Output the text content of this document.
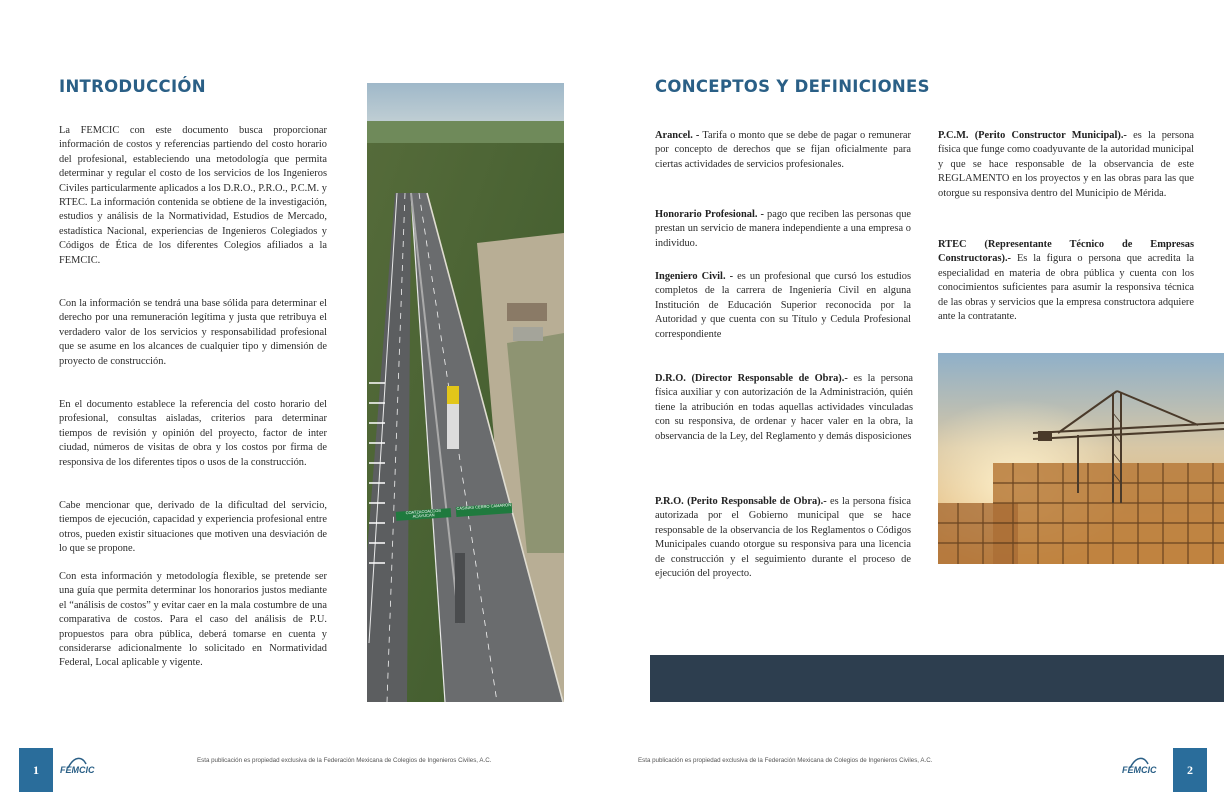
INTRODUCCIÓN

La FEMCIC con este documento busca proporcionar información de costos y referencias partiendo del costo horario del profesional, estableciendo una metodología que permita determinar y regular el costo de los servicios de los Ingenieros Civiles particularmente aplicados a los D.R.O., P.R.O., P.C.M. y RTEC. La información contenida se obtiene de la investigación, estudios y análisis de la Normatividad, Estudios de Mercado, estadística Nacional, experiencias de Ingenieros Colegiados y Códigos de Ética de los diferentes Colegios afiliados a la FEMCIC.

Con la información se tendrá una base sólida para determinar el derecho por una remuneración legítima y justa que retribuya el verdadero valor de los servicios y responsabilidad profesional que se asume en los alcances de cualquier tipo y dimensión de proyecto de construcción.

En el documento establece la referencia del costo horario del profesional, consultas aisladas, criterios para determinar tiempos de revisión y opinión del proyecto, factor de inter ciudad, números de visitas de obra y los costos por firma de responsiva de los diferentes tipos o usos de la construcción.

Cabe mencionar que, derivado de la dificultad del servicio, tiempos de ejecución, capacidad y experiencia profesional entre otros, pueden existir situaciones que motiven una desviación de lo que se propone.

Con esta información y metodología flexible, se pretende ser una guía que permita determinar los honorarios justos mediante el “análisis de costos” y evitar caer en la mala costumbre de una comparativa de costos. Para el caso del análisis de P.U. propuestos para obra pública, deberá tomarse en cuenta y considerarse adicionalmente lo solicitado en Normatividad Federal, Local aplicable y vigente.

COATZACOALCOS ACAYUCAN
CASINAS CERRO CAMARON
CONCEPTOS Y DEFINICIONES

Arancel. - Tarifa o monto que se debe de pagar o remunerar por concepto de derechos que se fijan oficialmente para ciertas actividades de servicios profesionales.

Honorario Profesional. - pago que reciben las personas que prestan un servicio de manera independiente a una empresa o individuo.

Ingeniero Civil. - es un profesional que cursó los estudios completos de la carrera de Ingeniería Civil en alguna Institución de Educación Superior reconocida por la Autoridad y que cuenta con su Título y Cedula Profesional correspondiente

D.R.O. (Director Responsable de Obra).- es la persona física auxiliar y con autorización de la Administración, quién tiene la atribución en todas aquellas actividades vinculadas con su responsiva, de ordenar y hacer valer en la obra, la observancia de la Ley, del Reglamento y demás disposiciones

P.R.O. (Perito Responsable de Obra).- es la persona física autorizada por el Gobierno municipal que se hace responsable de la observancia de los Reglamentos o Códigos Municipales cuando otorgue su responsiva para una licencia de construcción y el seguimiento durante el proceso de ejecución del proyecto.

P.C.M. (Perito Constructor Municipal).- es la persona física que funge como coadyuvante de la autoridad municipal y que se hace responsable de la observancia de este REGLAMENTO en los proyectos y en las obras para las que otorgue su responsiva dentro del Municipio de Mérida.

RTEC (Representante Técnico de Empresas Constructoras).- Es la figura o persona que acredita la especialidad en materia de obra pública y cuenta con los conocimientos suficientes para asumir la responsiva técnica de las obras y servicios que la empresa constructora adquiere ante la contratante.

1	FEMCIC
Esta publicación es propiedad exclusiva de la Federación Mexicana de Colegios de Ingenieros Civiles, A.C.	Esta publicación es propiedad exclusiva de la Federación Mexicana de Colegios de Ingenieros Civiles, A.C.
FEMCIC	2
